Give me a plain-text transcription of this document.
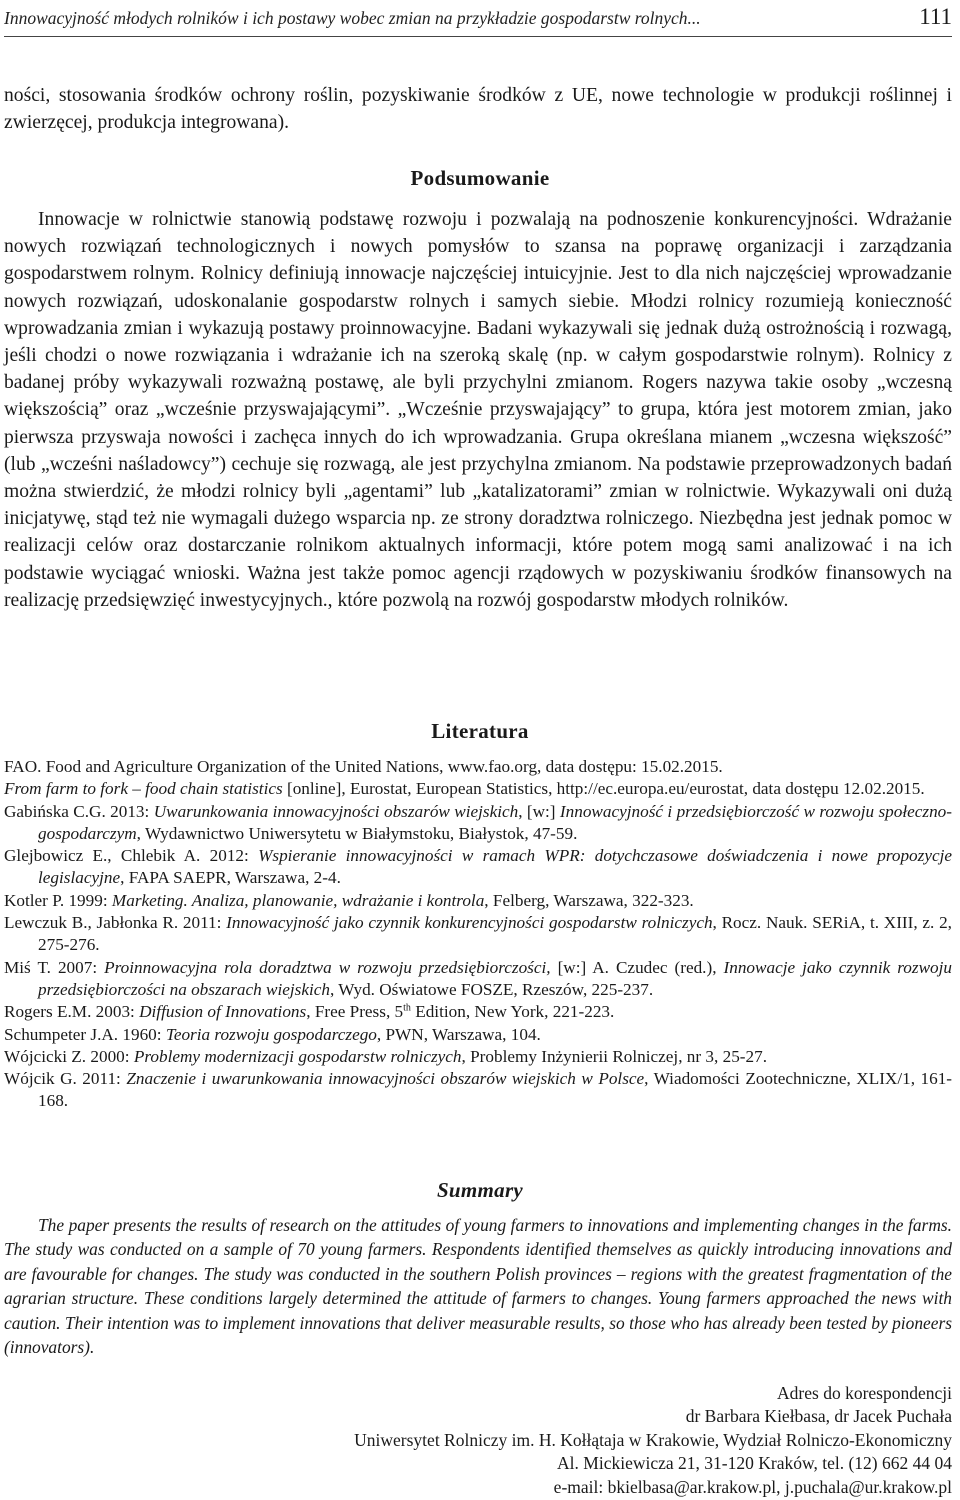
Innowacyjność młodych rolników i ich postawy wobec zmian na przykładzie gospodarstw rolnych...	111

ności, stosowania środków ochrony roślin, pozyskiwanie środków z UE, nowe technologie w produkcji roślinnej i zwierzęcej, produkcja integrowana).

Podsumowanie

Innowacje w rolnictwie stanowią podstawę rozwoju i pozwalają na podnoszenie konkurencyjności. Wdrażanie nowych rozwiązań technologicznych i nowych pomysłów to szansa na poprawę organizacji i zarządzania gospodarstwem rolnym. Rolnicy definiują innowacje najczęściej intuicyjnie. Jest to dla nich najczęściej wprowadzanie nowych rozwiązań, udoskonalanie gospodarstw rolnych i samych siebie. Młodzi rolnicy rozumieją konieczność wprowadzania zmian i wykazują postawy proinnowacyjne. Badani wykazywali się jednak dużą ostrożnością i rozwagą, jeśli chodzi o nowe rozwiązania i wdrażanie ich na szeroką skalę (np. w całym gospodarstwie rolnym). Rolnicy z badanej próby wykazywali rozważną postawę, ale byli przychylni zmianom. Rogers nazywa takie osoby „wczesną większością” oraz „wcześnie przyswajającymi”. „Wcześnie przyswajający” to grupa, która jest motorem zmian, jako pierwsza przyswaja nowości i zachęca innych do ich wprowadzania. Grupa określana mianem „wczesna większość” (lub „wcześni naśladowcy”) cechuje się rozwagą, ale jest przychylna zmianom. Na podstawie przeprowadzonych badań można stwierdzić, że młodzi rolnicy byli „agentami” lub „katalizatorami” zmian w rolnictwie. Wykazywali oni dużą inicjatywę, stąd też nie wymagali dużego wsparcia np. ze strony doradztwa rolniczego. Niezbędna jest jednak pomoc w realizacji celów oraz dostarczanie rolnikom aktualnych informacji, które potem mogą sami analizować i na ich podstawie wyciągać wnioski. Ważna jest także pomoc agencji rządowych w pozyskiwaniu środków finansowych na realizację przedsięwzięć inwestycyjnych., które pozwolą na rozwój gospodarstw młodych rolników.

Literatura
FAO. Food and Agriculture Organization of the United Nations, www.fao.org, data dostępu: 15.02.2015.
From farm to fork – food chain statistics [online], Eurostat, European Statistics, http://ec.europa.eu/eurostat, data dostępu 12.02.2015.
Gabińska C.G. 2013: Uwarunkowania innowacyjności obszarów wiejskich, [w:] Innowacyjność i przedsiębiorczość w rozwoju społeczno-gospodarczym, Wydawnictwo Uniwersytetu w Białymstoku, Białystok, 47-59.
Glejbowicz E., Chlebik A. 2012: Wspieranie innowacyjności w ramach WPR: dotychczasowe doświadczenia i nowe propozycje legislacyjne, FAPA SAEPR, Warszawa, 2-4.
Kotler P. 1999: Marketing. Analiza, planowanie, wdrażanie i kontrola, Felberg, Warszawa, 322-323.
Lewczuk B., Jabłonka R. 2011: Innowacyjność jako czynnik konkurencyjności gospodarstw rolniczych, Rocz. Nauk. SERiA, t. XIII, z. 2, 275-276.
Miś T. 2007: Proinnowacyjna rola doradztwa w rozwoju przedsiębiorczości, [w:] A. Czudec (red.), Innowacje jako czynnik rozwoju przedsiębiorczości na obszarach wiejskich, Wyd. Oświatowe FOSZE, Rzeszów, 225-237.
Rogers E.M. 2003: Diffusion of Innovations, Free Press, 5th Edition, New York, 221-223.
Schumpeter J.A. 1960: Teoria rozwoju gospodarczego, PWN, Warszawa, 104.
Wójcicki Z. 2000: Problemy modernizacji gospodarstw rolniczych, Problemy Inżynierii Rolniczej, nr 3, 25-27.
Wójcik G. 2011: Znaczenie i uwarunkowania innowacyjności obszarów wiejskich w Polsce, Wiadomości Zootechniczne, XLIX/1, 161-168.
Summary

The paper presents the results of research on the attitudes of young farmers to innovations and implementing changes in the farms. The study was conducted on a sample of 70 young farmers. Respondents identified themselves as quickly introducing innovations and are favourable for changes. The study was conducted in the southern Polish provinces – regions with the greatest fragmentation of the agrarian structure. These conditions largely determined the attitude of farmers to changes. Young farmers approached the news with caution. Their intention was to implement innovations that deliver measurable results, so those who has already been tested by pioneers (innovators).

Adres do korespondencji
dr Barbara Kiełbasa, dr Jacek Puchała
Uniwersytet Rolniczy im. H. Kołłątaja w Krakowie, Wydział Rolniczo-Ekonomiczny
Al. Mickiewicza 21, 31-120 Kraków, tel. (12) 662 44 04
e-mail: bkielbasa@ar.krakow.pl, j.puchala@ur.krakow.pl
